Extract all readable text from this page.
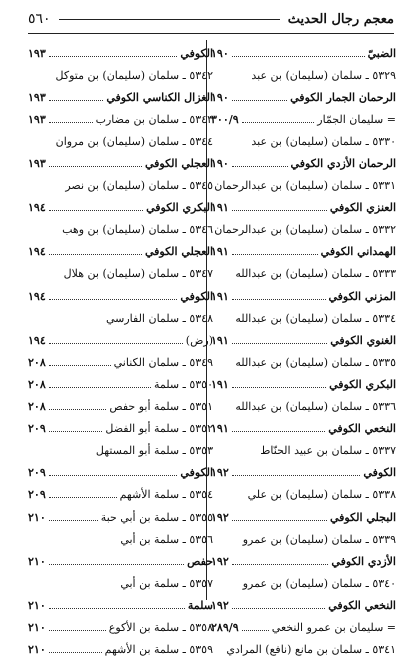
معجم رجال الحديث
٥٦٠
الضبيّ
١٩٠
٥٣٢٩ ـ سلمان (سليمان) بن عبد
الرحمان الجمار الكوفي
١٩٠
= سليمان الجمّار
٣٠٠/٩
٥٣٣٠ ـ سلمان (سليمان) بن عبد
الرحمان الأزدي الكوفي
١٩٠
٥٣٣١ ـ سلمان (سليمان) بن عبدالرحمان
العنزي الكوفي
١٩١
٥٣٣٢ ـ سلمان (سليمان) بن عبدالرحمان
الهمداني الكوفي
١٩١
٥٣٣٣ ـ سلمان (سليمان) بن عبدالله
المزني الكوفي
١٩١
٥٣٣٤ ـ سلمان (سليمان) بن عبدالله
الغنوي الكوفي
١٩١
٥٣٣٥ ـ سلمان (سليمان) بن عبدالله
البكري الكوفي
١٩١
٥٣٣٦ ـ سلمان (سليمان) بن عبدالله
النخعي الكوفي
١٩١
٥٣٣٧ ـ سلمان بن عبيد الحنّاط
الكوفي
١٩٢
٥٣٣٨ ـ سلمان (سليمان) بن علي
البجلي الكوفي
١٩٢
٥٣٣٩ ـ سلمان (سليمان) بن عمرو
الأزدي الكوفي
١٩٢
٥٣٤٠ ـ سلمان (سليمان) بن عمرو
النخعي الكوفي
١٩٢
= سليمان بن عمرو النخعي
٢٨٩/٩
٥٣٤١ ـ سلمان بن مانع (نافع) المرادي
الكوفي
١٩٣
٥٣٤٢ ـ سلمان (سليمان) بن متوكل
الغزال الكناسي الكوفي
١٩٣
٥٣٤٣ ـ سلمان بن مضارب
١٩٣
٥٣٤٤ ـ سلمان (سليمان) بن مروان
العجلي الكوفي
١٩٣
٥٣٤٥ ـ سلمان (سليمان) بن نصر
البكري الكوفي
١٩٤
٥٣٤٦ ـ سلمان (سليمان) بن وهب
العجلي الكوفي
١٩٤
٥٣٤٧ ـ سلمان (سليمان) بن هلال
الكوفي
١٩٤
٥٣٤٨ ـ سلمان الفارسي
(رض)
١٩٤
٥٣٤٩ ـ سلمان الكناني
٢٠٨
٥٣٥٠ ـ سلمة
٢٠٨
٥٣٥١ ـ سلمة أبو حفص
٢٠٨
٥٣٥٢ ـ سلمة أبو الفضل
٢٠٩
٥٣٥٣ ـ سلمة أبو المستهل
الكوفي
٢٠٩
٥٣٥٤ ـ سلمة الأشهم
٢٠٩
٥٣٥٥ ـ سلمة بن أبي حبة
٢١٠
٥٣٥٦ ـ سلمة بن أبي
حفص
٢١٠
٥٣٥٧ ـ سلمة بن أبي
سلمة
٢١٠
٥٣٥٨ ـ سلمة بن الأكوع
٢١٠
٥٣٥٩ ـ سلمة بن الأشهم
٢١٠
